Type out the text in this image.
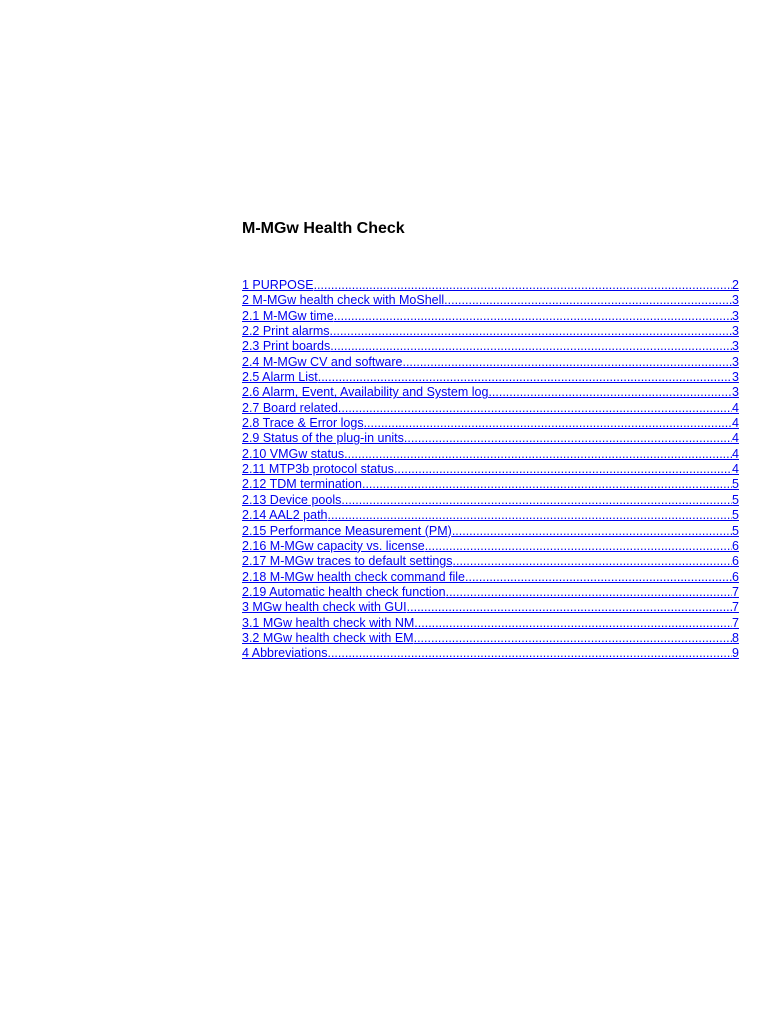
M-MGw Health Check
1 PURPOSE .....	2
2 M-MGw health check with MoShell .....	3
2.1 M-MGw time .....	3
2.2 Print alarms .....	3
2.3 Print boards .....	3
2.4 M-MGw CV and software .....	3
2.5 Alarm List .....	3
2.6 Alarm, Event, Availability and System log .....	3
2.7 Board related .....	4
2.8 Trace & Error logs .....	4
2.9 Status of the plug-in units .....	4
2.10 VMGw status .....	4
2.11 MTP3b protocol status .....	4
2.12 TDM termination .....	5
2.13 Device pools .....	5
2.14 AAL2 path .....	5
2.15 Performance Measurement (PM) .....	5
2.16 M-MGw capacity vs. license .....	6
2.17 M-MGw traces to default settings .....	6
2.18 M-MGw health check command file .....	6
2.19 Automatic health check function .....	7
3 MGw health check with GUI .....	7
3.1 MGw health check with NM .....	7
3.2 MGw health check with EM .....	8
4 Abbreviations .....	9
